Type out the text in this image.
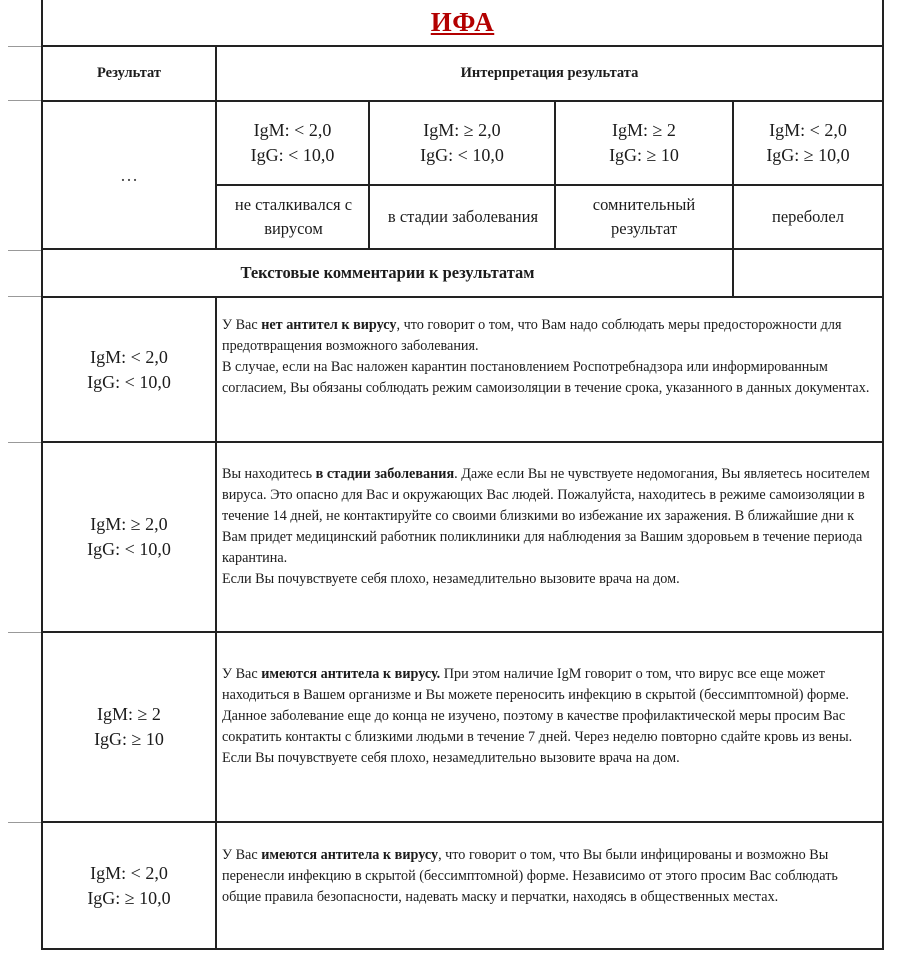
ИФА
Результат	Интерпретация результата
…
IgM: < 2,0
IgG: < 10,0
IgM: ≥ 2,0
IgG: < 10,0
IgM: ≥ 2
IgG: ≥ 10
IgM: < 2,0
IgG: ≥ 10,0
не сталкивался с вирусом
в стадии заболевания
сомнительный результат
переболел
Текстовые комментарии к результатам
IgM: < 2,0
IgG: < 10,0

У Вас нет антител к вирусу, что говорит о том, что Вам надо соблюдать меры предосторожности для предотвращения возможного заболевания.

В случае, если на Вас наложен карантин постановлением Роспотребнадзора или информированным согласием, Вы обязаны соблюдать режим самоизоляции в течение срока, указанного в данных документах.

IgM: ≥ 2,0
IgG: < 10,0

Вы находитесь в стадии заболевания. Даже если Вы не чувствуете недомогания, Вы являетесь носителем вируса. Это опасно для Вас и окружающих Вас людей. Пожалуйста, находитесь в режиме самоизоляции в течение 14 дней, не контактируйте со своими близкими во избежание их заражения. В ближайшие дни к Вам придет медицинский работник поликлиники для наблюдения за Вашим здоровьем в течение периода карантина.

Если Вы почувствуете себя плохо, незамедлительно вызовите врача на дом.

IgM: ≥ 2
IgG: ≥ 10

У Вас имеются антитела к вирусу. При этом наличие IgM говорит о том, что вирус все еще может находиться в Вашем организме и Вы можете переносить инфекцию в скрытой (бессимптомной) форме. Данное заболевание еще до конца не изучено, поэтому в качестве профилактической меры просим Вас сократить контакты с близкими людьми в течение 7 дней. Через неделю повторно сдайте кровь из вены.

Если Вы почувствуете себя плохо, незамедлительно вызовите врача на дом.

IgM: < 2,0
IgG: ≥ 10,0

У Вас имеются антитела к вирусу, что говорит о том, что Вы были инфицированы и возможно Вы перенесли инфекцию в скрытой (бессимптомной) форме. Независимо от этого просим Вас соблюдать общие правила безопасности, надевать маску и перчатки, находясь в общественных местах.
